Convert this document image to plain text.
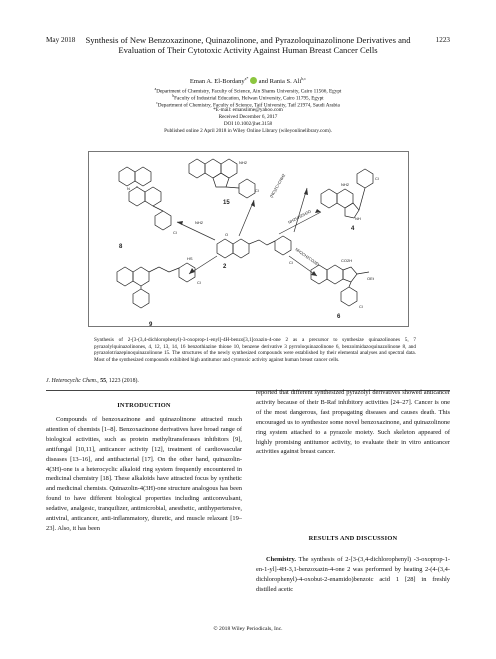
May 2018	1223
Synthesis of New Benzoxazinone, Quinazolinone, and Pyrazoloquinazolinone Derivatives and Evaluation of Their Cytotoxic Activity Against Human Breast Cancer Cells
Eman A. El-Bordany$^{a*}$ and Rania S. Ali$^{b,c}$
$^a$Department of Chemistry, Faculty of Science, Ain Shams University, Cairo 11566, Egypt
$^b$Faculty of Industrial Education, Helwan University, Cairo 11795, Egypt
$^c$Department of Chemistry, Faculty of Science, Taif University, Taif 21974, Saudi Arabia
*E-mail: emanslime@yahoo.com
Received December 6, 2017
DOI 10.1002/jhet.3158
Published online 2 April 2018 in Wiley Online Library (wileyonlinelibrary.com).
2
15
4
8
9
6
NH2
Cl
NH2
NH
Cl
Cl
O
NH2
HS
Cl
N
Cl
OEt
CO2H
Cl
(NC)2C=CNH2
NH2NH2/H2O
NH2CH2CO2Et
Synthesis of 2-[3-(3,4-dichlorophenyl)-3-oxoprop-1-enyl]-4H-benzo[3,1]oxazin-4-one 2 as a precursor to synthesize quinazolinones 5, 7 pyrazolylquinazolinones, 4, 12, 13, 14, 16 benzothiazine thione 10, benzene derivative 3 pyrroloquinazolinone 6, benzoimidazoquinazolinone 8, and pyrazolotriazepinoquinazolinone 15. The structures of the newly synthesized compounds were established by their elemental analyses and spectral data. Most of the synthesized compounds exhibited high antitumor and cytotoxic activity against human breast cancer cells.
J. Heterocyclic Chem., 55, 1223 (2018).
INTRODUCTION
Compounds of benzoxazinone and quinazolinone attracted much attention of chemists [1–8]. Benzoxazinone derivatives have broad range of biological activities, such as protein methyltransferases inhibitors [9], antifungal [10,11], anticancer activity [12], treatment of cardiovascular diseases [13–16], and antibacterial [17]. On the other hand, quinazolin-4(3H)-one is a heterocyclic alkaloid ring system frequently encountered in medicinal chemistry [18]. These alkaloids have attracted focus by synthetic and medicinal chemists. Quinazolin-4(3H)-one structure analogous has been found to have different biological properties including anticonvulsant, sedative, analgesic, tranquilizer, antimicrobial, anesthetic, antihypertensive, antiviral, anticancer, anti-inflammatory, diuretic, and muscle relaxant [19–23]. Also, it has been
reported that different synthesized pyrazolyl derivatives showed anticancer activity because of their B-Raf inhibitory activities [24–27]. Cancer is one of the most dangerous, fast propagating diseases and causes death. This encouraged us to synthesize some novel benzoxazinone, and quinazolinone ring system attached to a pyrazole moiety. Such skeleton appeared of highly promising antitumor activity, to evaluate their in vitro anticancer activities against breast cancer.
RESULTS AND DISCUSSION
Chemistry. The synthesis of 2-[3-(3,4-dichlorophenyl) -3-oxoprop-1-en-1-yl]-4H-3,1-benzoxazin-4-one 2 was performed by heating 2-(4-(3,4-dichlorophenyl)-4-oxobut-2-enamido)benzoic acid 1 [28] in freshly distilled acetic
© 2018 Wiley Periodicals, Inc.
